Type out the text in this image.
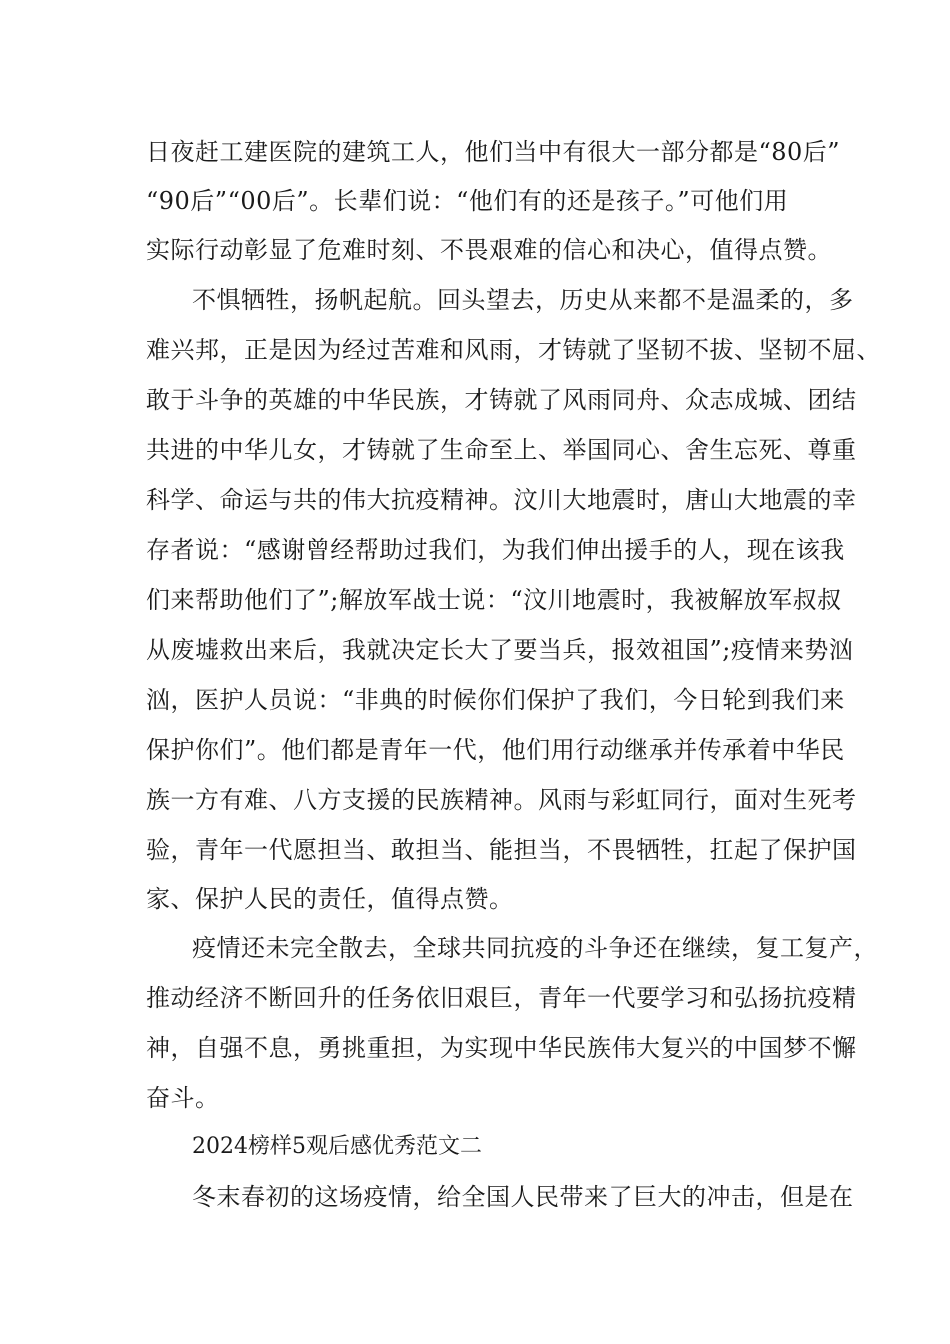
日夜赶工建医院的建筑工人，他们当中有很大一部分都是“80后”
“90后”“00后”。长辈们说：“他们有的还是孩子。”可他们用
实际行动彰显了危难时刻、不畏艰难的信心和决心，值得点赞。
不惧牺牲，扬帆起航。回头望去，历史从来都不是温柔的，多
难兴邦，正是因为经过苦难和风雨，才铸就了坚韧不拔、坚韧不屈、
敢于斗争的英雄的中华民族，才铸就了风雨同舟、众志成城、团结
共进的中华儿女，才铸就了生命至上、举国同心、舍生忘死、尊重
科学、命运与共的伟大抗疫精神。汶川大地震时，唐山大地震的幸
存者说：“感谢曾经帮助过我们，为我们伸出援手的人，现在该我
们来帮助他们了”;解放军战士说：“汶川地震时，我被解放军叔叔
从废墟救出来后，我就决定长大了要当兵，报效祖国”;疫情来势汹
汹，医护人员说：“非典的时候你们保护了我们，今日轮到我们来
保护你们”。他们都是青年一代，他们用行动继承并传承着中华民
族一方有难、八方支援的民族精神。风雨与彩虹同行，面对生死考
验，青年一代愿担当、敢担当、能担当，不畏牺牲，扛起了保护国
家、保护人民的责任，值得点赞。
疫情还未完全散去，全球共同抗疫的斗争还在继续，复工复产，
推动经济不断回升的任务依旧艰巨，青年一代要学习和弘扬抗疫精
神，自强不息，勇挑重担，为实现中华民族伟大复兴的中国梦不懈
奋斗。
2024榜样5观后感优秀范文二
冬末春初的这场疫情，给全国人民带来了巨大的冲击，但是在
